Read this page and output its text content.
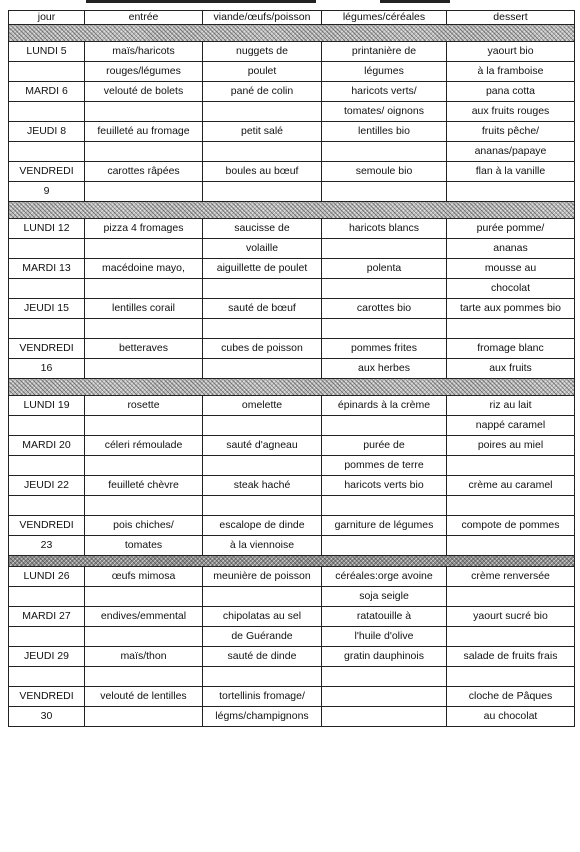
jour	entrée	viande/œufs/poisson	légumes/céréales	dessert

LUNDI 5	maïs/haricots	nuggets de	printanière de	yaourt bio
	rouges/légumes	poulet	légumes	à la framboise
MARDI 6	velouté de bolets	pané de colin	haricots verts/	pana cotta
			tomates/ oignons	aux fruits rouges
JEUDI 8	feuilleté au fromage	petit salé	lentilles bio	fruits pêche/
				ananas/papaye
VENDREDI	carottes râpées	boules au bœuf	semoule bio	flan à la vanille
9				

LUNDI 12	pizza 4 fromages	saucisse de	haricots blancs	purée pomme/
		volaille		ananas
MARDI 13	macédoine mayo,	aiguillette de poulet	polenta	mousse au
				chocolat
JEUDI 15	lentilles corail	sauté de bœuf	carottes bio	tarte aux pommes bio

VENDREDI	betteraves	cubes de poisson	pommes frites	fromage blanc
16			aux herbes	aux fruits

LUNDI 19	rosette	omelette	épinards à la crème	riz au lait
				nappé caramel
MARDI 20	céleri rémoulade	sauté d'agneau	purée de	poires au miel
			pommes de terre	
JEUDI 22	feuilleté chèvre	steak haché	haricots verts bio	crème au caramel

VENDREDI	pois chiches/	escalope de dinde	garniture de légumes	compote de pommes
23	tomates	à la viennoise		

LUNDI 26	œufs mimosa	meunière de poisson	céréales:orge avoine	crème renversée
			soja seigle	
MARDI 27	endives/emmental	chipolatas au sel	ratatouille à	yaourt sucré bio
		de Guérande	l'huile d'olive	
JEUDI 29	maïs/thon	sauté de dinde	gratin dauphinois	salade de fruits frais

VENDREDI	velouté de lentilles	tortellinis fromage/		cloche de Pâques
30		légms/champignons		au chocolat
